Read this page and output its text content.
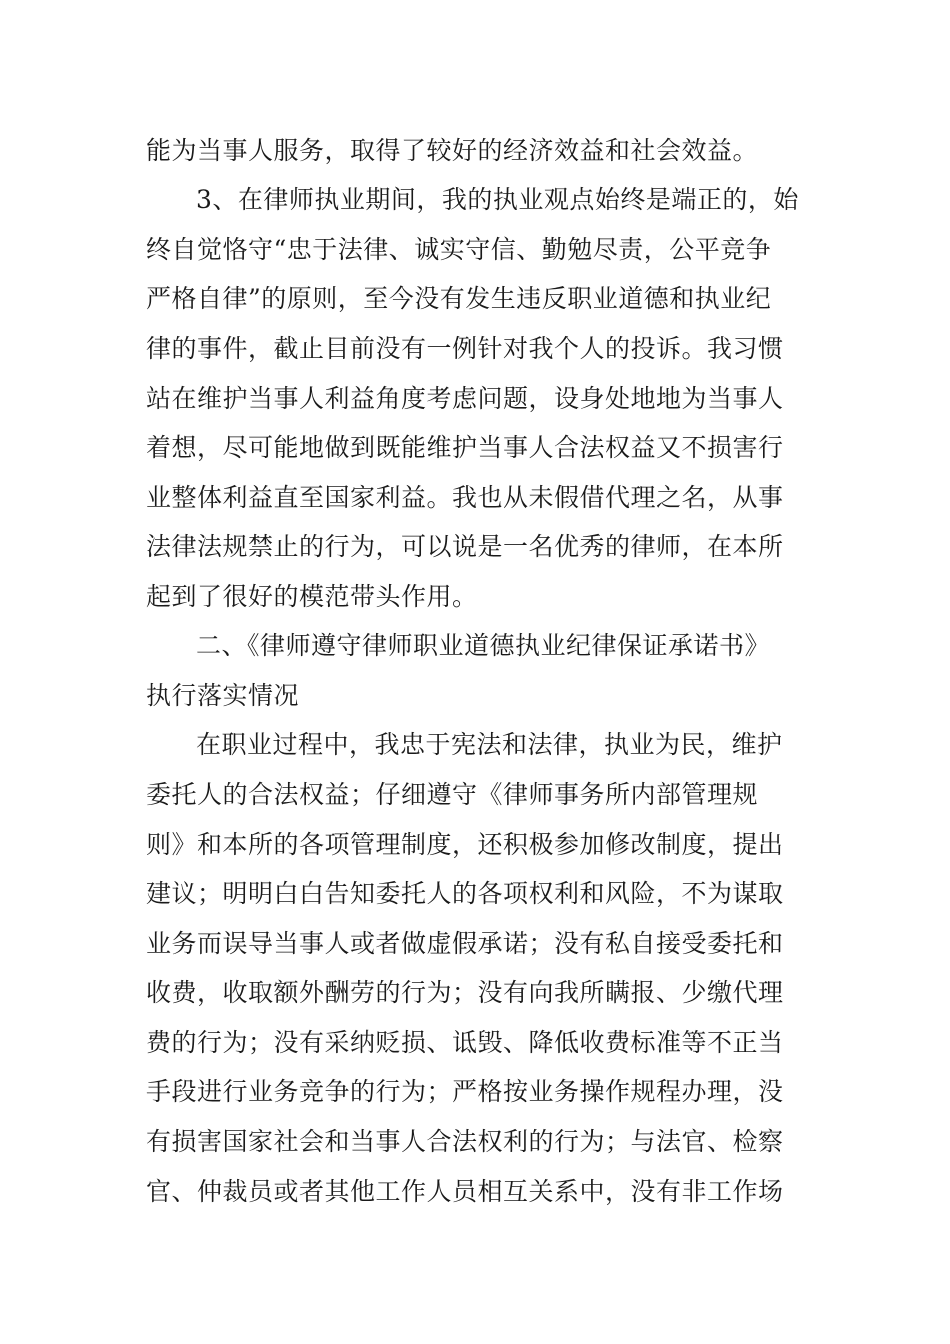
能为当事人服务，取得了较好的经济效益和社会效益。
3、在律师执业期间，我的执业观点始终是端正的，始
终自觉恪守“忠于法律、诚实守信、勤勉尽责，公平竞争
严格自律”的原则，至今没有发生违反职业道德和执业纪
律的事件，截止目前没有一例针对我个人的投诉。我习惯
站在维护当事人利益角度考虑问题，设身处地地为当事人
着想，尽可能地做到既能维护当事人合法权益又不损害行
业整体利益直至国家利益。我也从未假借代理之名，从事
法律法规禁止的行为，可以说是一名优秀的律师，在本所
起到了很好的模范带头作用。
二、《律师遵守律师职业道德执业纪律保证承诺书》
执行落实情况
在职业过程中，我忠于宪法和法律，执业为民，维护
委托人的合法权益；仔细遵守《律师事务所内部管理规
则》和本所的各项管理制度，还积极参加修改制度，提出
建议；明明白白告知委托人的各项权利和风险，不为谋取
业务而误导当事人或者做虚假承诺；没有私自接受委托和
收费，收取额外酬劳的行为；没有向我所瞒报、少缴代理
费的行为；没有采纳贬损、诋毁、降低收费标准等不正当
手段进行业务竞争的行为；严格按业务操作规程办理，没
有损害国家社会和当事人合法权利的行为；与法官、检察
官、仲裁员或者其他工作人员相互关系中，没有非工作场
